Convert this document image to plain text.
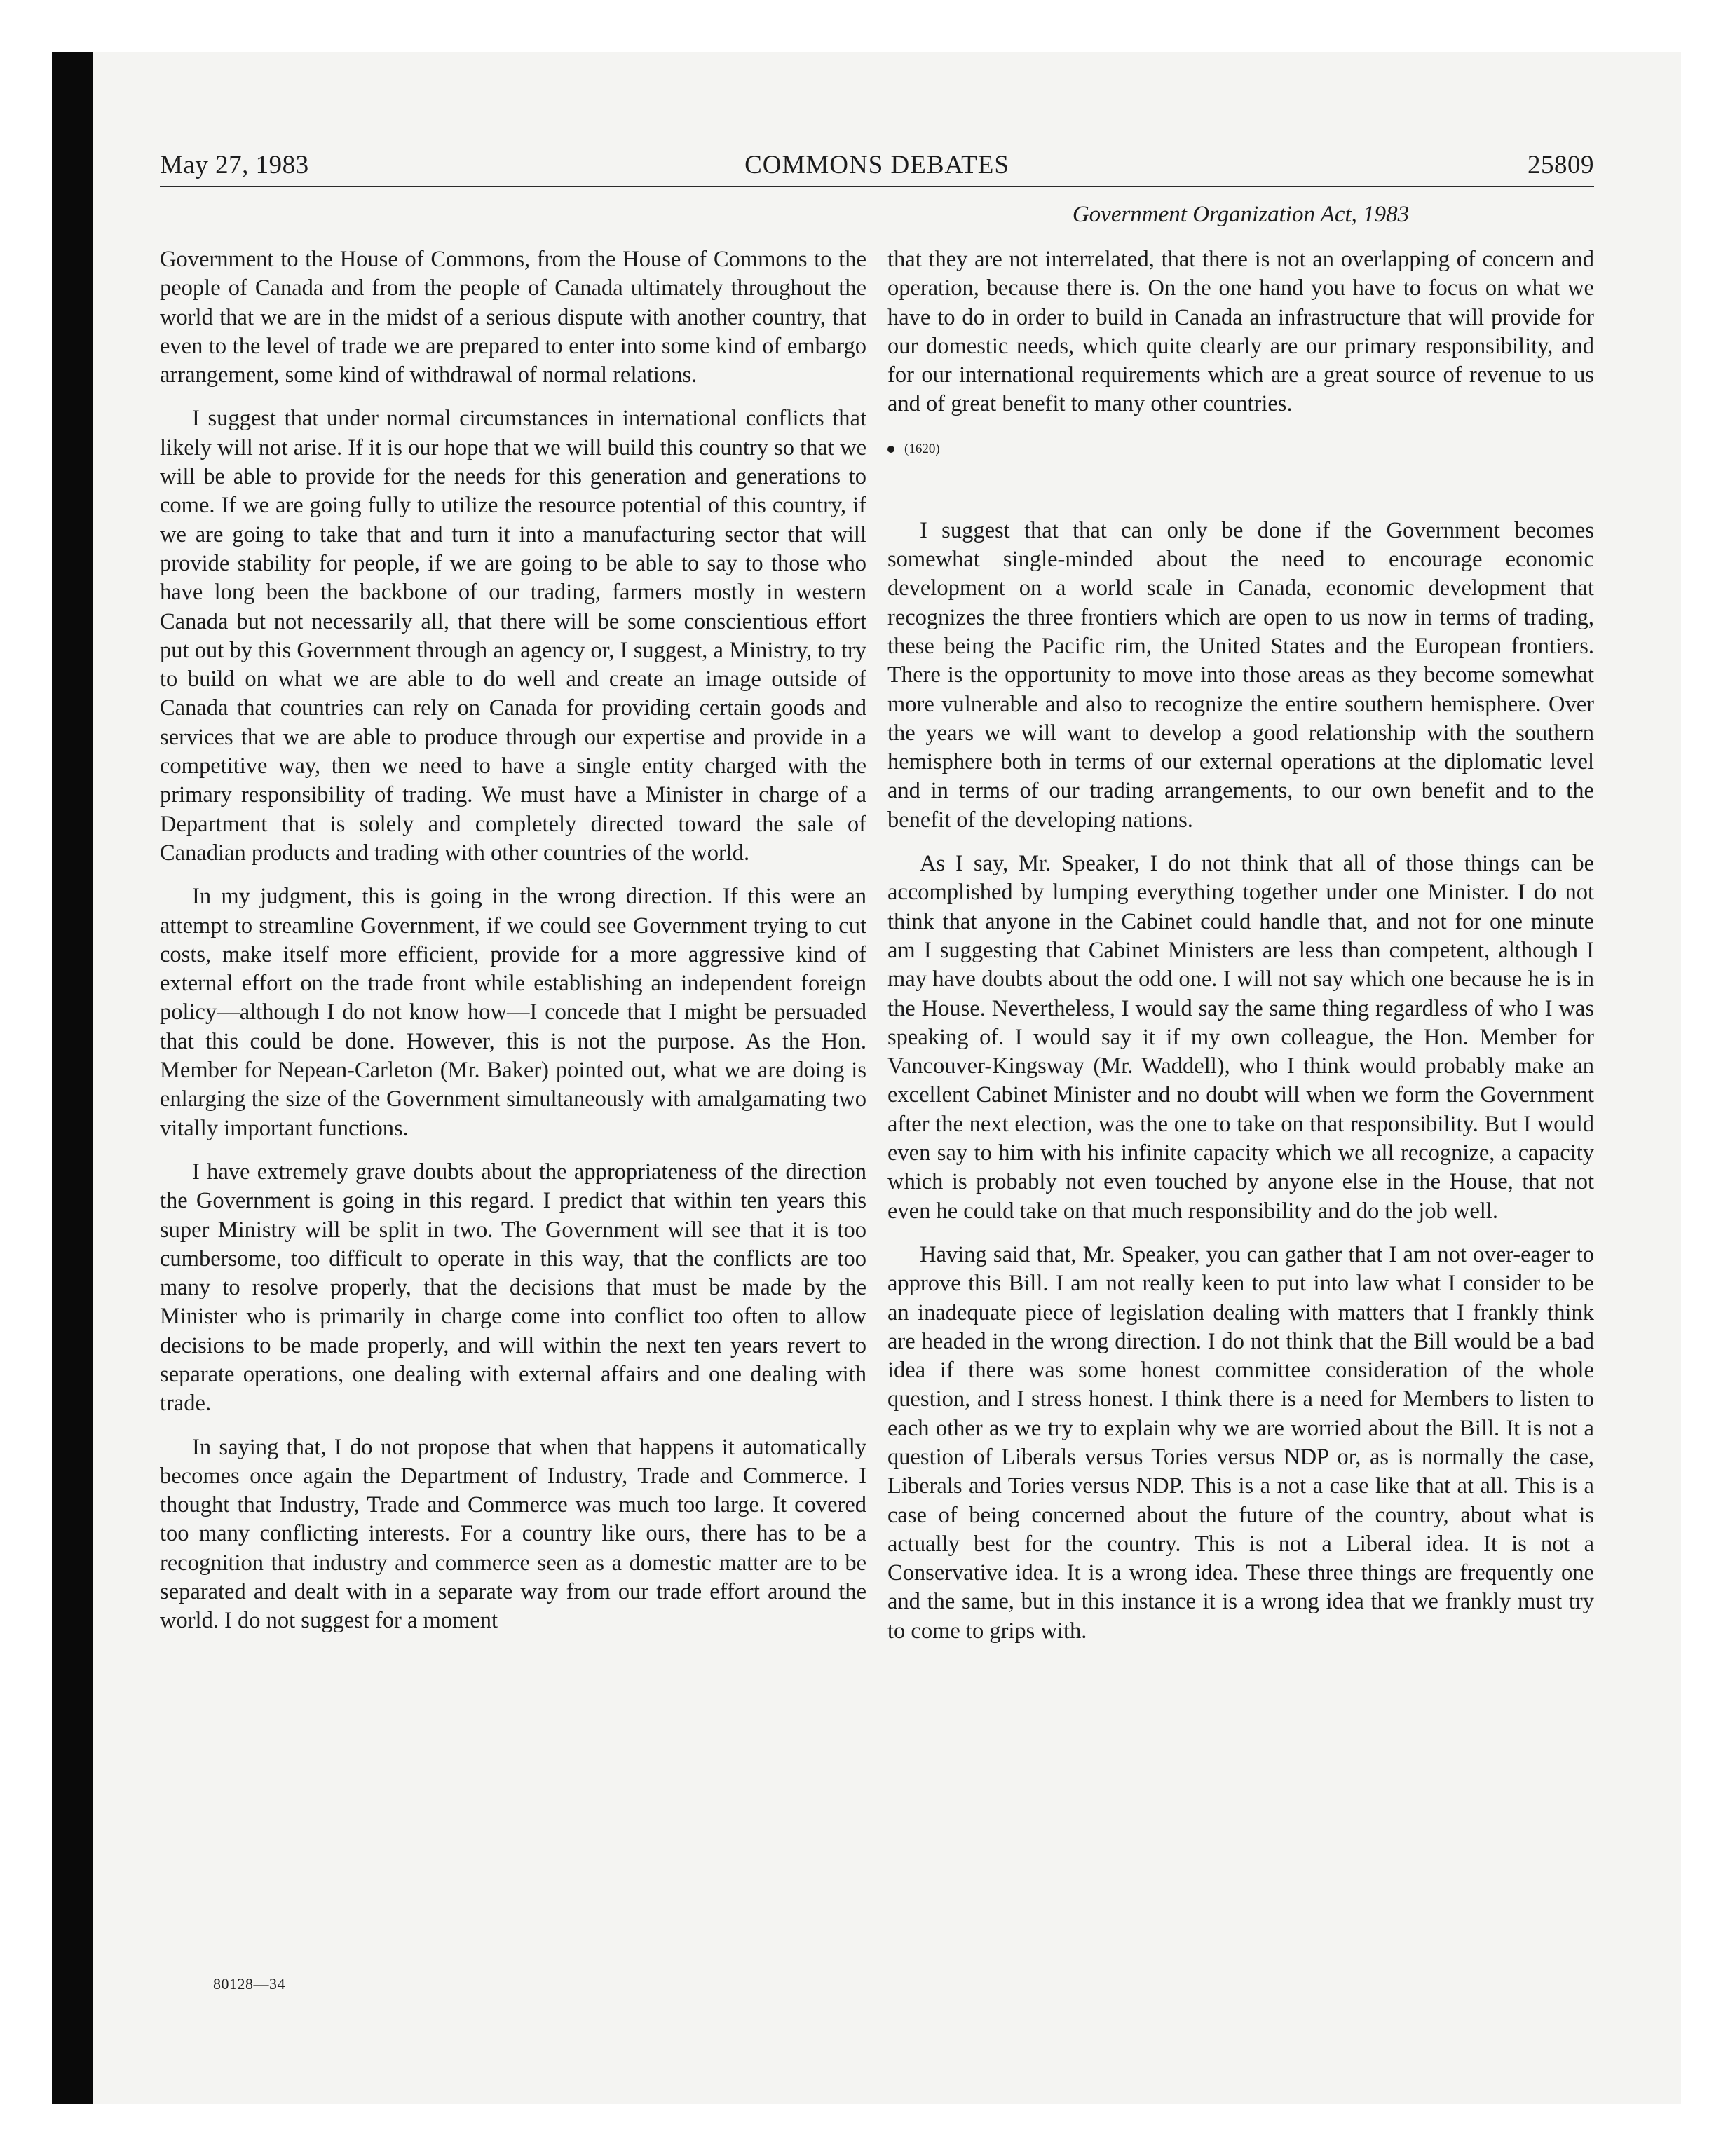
May 27, 1983	COMMONS DEBATES	25809
Government Organization Act, 1983

Government to the House of Commons, from the House of Commons to the people of Canada and from the people of Canada ultimately throughout the world that we are in the midst of a serious dispute with another country, that even to the level of trade we are prepared to enter into some kind of embargo arrangement, some kind of withdrawal of normal relations.

I suggest that under normal circumstances in international conflicts that likely will not arise. If it is our hope that we will build this country so that we will be able to provide for the needs for this generation and generations to come. If we are going fully to utilize the resource potential of this country, if we are going to take that and turn it into a manufacturing sector that will provide stability for people, if we are going to be able to say to those who have long been the backbone of our trading, farmers mostly in western Canada but not necessarily all, that there will be some conscientious effort put out by this Government through an agency or, I suggest, a Ministry, to try to build on what we are able to do well and create an image outside of Canada that countries can rely on Canada for providing certain goods and services that we are able to produce through our expertise and provide in a competitive way, then we need to have a single entity charged with the primary responsibility of trading. We must have a Minister in charge of a Department that is solely and completely directed toward the sale of Canadian products and trading with other countries of the world.

In my judgment, this is going in the wrong direction. If this were an attempt to streamline Government, if we could see Government trying to cut costs, make itself more efficient, provide for a more aggressive kind of external effort on the trade front while establishing an independent foreign policy—although I do not know how—I concede that I might be persuaded that this could be done. However, this is not the purpose. As the Hon. Member for Nepean-Carleton (Mr. Baker) pointed out, what we are doing is enlarging the size of the Government simultaneously with amalgamating two vitally important functions.

I have extremely grave doubts about the appropriateness of the direction the Government is going in this regard. I predict that within ten years this super Ministry will be split in two. The Government will see that it is too cumbersome, too difficult to operate in this way, that the conflicts are too many to resolve properly, that the decisions that must be made by the Minister who is primarily in charge come into conflict too often to allow decisions to be made properly, and will within the next ten years revert to separate operations, one dealing with external affairs and one dealing with trade.

In saying that, I do not propose that when that happens it automatically becomes once again the Department of Industry, Trade and Commerce. I thought that Industry, Trade and Commerce was much too large. It covered too many conflicting interests. For a country like ours, there has to be a recognition that industry and commerce seen as a domestic matter are to be separated and dealt with in a separate way from our trade effort around the world. I do not suggest for a moment

that they are not interrelated, that there is not an overlapping of concern and operation, because there is. On the one hand you have to focus on what we have to do in order to build in Canada an infrastructure that will provide for our domestic needs, which quite clearly are our primary responsibility, and for our international requirements which are a great source of revenue to us and of great benefit to many other countries.

(1620)

I suggest that that can only be done if the Government becomes somewhat single-minded about the need to encourage economic development on a world scale in Canada, economic development that recognizes the three frontiers which are open to us now in terms of trading, these being the Pacific rim, the United States and the European frontiers. There is the opportunity to move into those areas as they become somewhat more vulnerable and also to recognize the entire southern hemisphere. Over the years we will want to develop a good relationship with the southern hemisphere both in terms of our external operations at the diplomatic level and in terms of our trading arrangements, to our own benefit and to the benefit of the developing nations.

As I say, Mr. Speaker, I do not think that all of those things can be accomplished by lumping everything together under one Minister. I do not think that anyone in the Cabinet could handle that, and not for one minute am I suggesting that Cabinet Ministers are less than competent, although I may have doubts about the odd one. I will not say which one because he is in the House. Nevertheless, I would say the same thing regardless of who I was speaking of. I would say it if my own colleague, the Hon. Member for Vancouver-Kingsway (Mr. Waddell), who I think would probably make an excellent Cabinet Minister and no doubt will when we form the Government after the next election, was the one to take on that responsibility. But I would even say to him with his infinite capacity which we all recognize, a capacity which is probably not even touched by anyone else in the House, that not even he could take on that much responsibility and do the job well.

Having said that, Mr. Speaker, you can gather that I am not over-eager to approve this Bill. I am not really keen to put into law what I consider to be an inadequate piece of legislation dealing with matters that I frankly think are headed in the wrong direction. I do not think that the Bill would be a bad idea if there was some honest committee consideration of the whole question, and I stress honest. I think there is a need for Members to listen to each other as we try to explain why we are worried about the Bill. It is not a question of Liberals versus Tories versus NDP or, as is normally the case, Liberals and Tories versus NDP. This is a not a case like that at all. This is a case of being concerned about the future of the country, about what is actually best for the country. This is not a Liberal idea. It is not a Conservative idea. It is a wrong idea. These three things are frequently one and the same, but in this instance it is a wrong idea that we frankly must try to come to grips with.

80128—34
